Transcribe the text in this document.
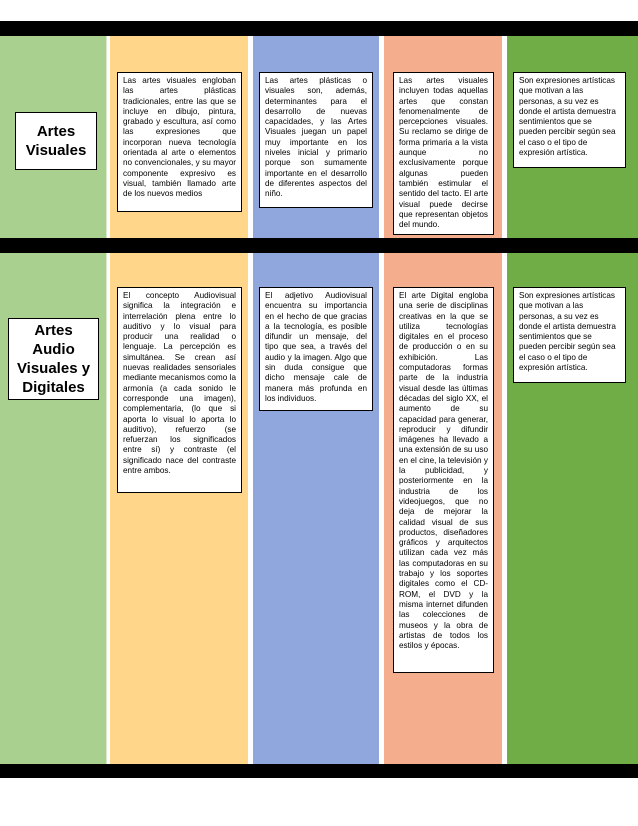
Artes
Visuales
Las artes visuales engloban las artes plásticas tradicionales, entre las que se incluye en dibujo, pintura, grabado y escultura, así como las expresiones que incorporan nueva tecnología orientada al arte o elementos no convencionales, y su mayor componente expresivo es visual, también llamado arte de los nuevos medios
Las artes plásticas o visuales son, además, determinantes para el desarrollo de nuevas capacidades, y las Artes Visuales juegan un papel muy importante en los niveles inicial y primario porque son sumamente importante en el desarrollo de diferentes aspectos del niño.
Las artes visuales incluyen todas aquellas artes que constan fenomenalmente de percepciones visuales. Su reclamo se dirige de forma primaria a la vista aunque no exclusivamente porque algunas pueden también estimular el sentido del tacto. El arte visual puede decirse que representan objetos del mundo.
Son expresiones artísticas que motivan a las personas, a su vez es donde el artista demuestra sentimientos que se pueden percibir según sea el caso o el tipo de expresión artística.
Artes
Audio
Visuales y
Digitales
El concepto Audiovisual significa la integración e interrelación plena entre lo auditivo y lo visual para producir una realidad o lenguaje. La percepción es simultánea. Se crean así nuevas realidades sensoriales mediante mecanismos como la armonía (a cada sonido le corresponde una imagen), complementaria, (lo que si aporta lo visual lo aporta lo auditivo), refuerzo (se refuerzan los significados entre sí) y contraste (el significado nace del contraste entre ambos.
El adjetivo Audiovisual encuentra su importancia en el hecho de que gracias a la tecnología, es posible difundir un mensaje, del tipo que sea, a través del audio y la imagen. Algo que sin duda consigue que dicho mensaje cale de manera más profunda en los individuos.
El arte Digital engloba una serie de disciplinas creativas en la que se utiliza tecnologías digitales en el proceso de producción o en su exhibición. Las computadoras formas parte de la industria visual desde las últimas décadas del siglo XX, el aumento de su capacidad para generar, reproducir y difundir imágenes ha llevado a una extensión de su uso en el cine, la televisión y la publicidad, y posteriormente en la industria de los videojuegos, que no deja de mejorar la calidad visual de sus productos, diseñadores gráficos y arquitectos utilizan cada vez más las computadoras en su trabajo y los soportes digitales como el CD-ROM, el DVD y la misma internet difunden las colecciones de museos y la obra de artistas de todos los estilos y épocas.
Son expresiones artísticas que motivan a las personas, a su vez es donde el artista demuestra sentimientos que se pueden percibir según sea el caso o el tipo de expresión artística.
